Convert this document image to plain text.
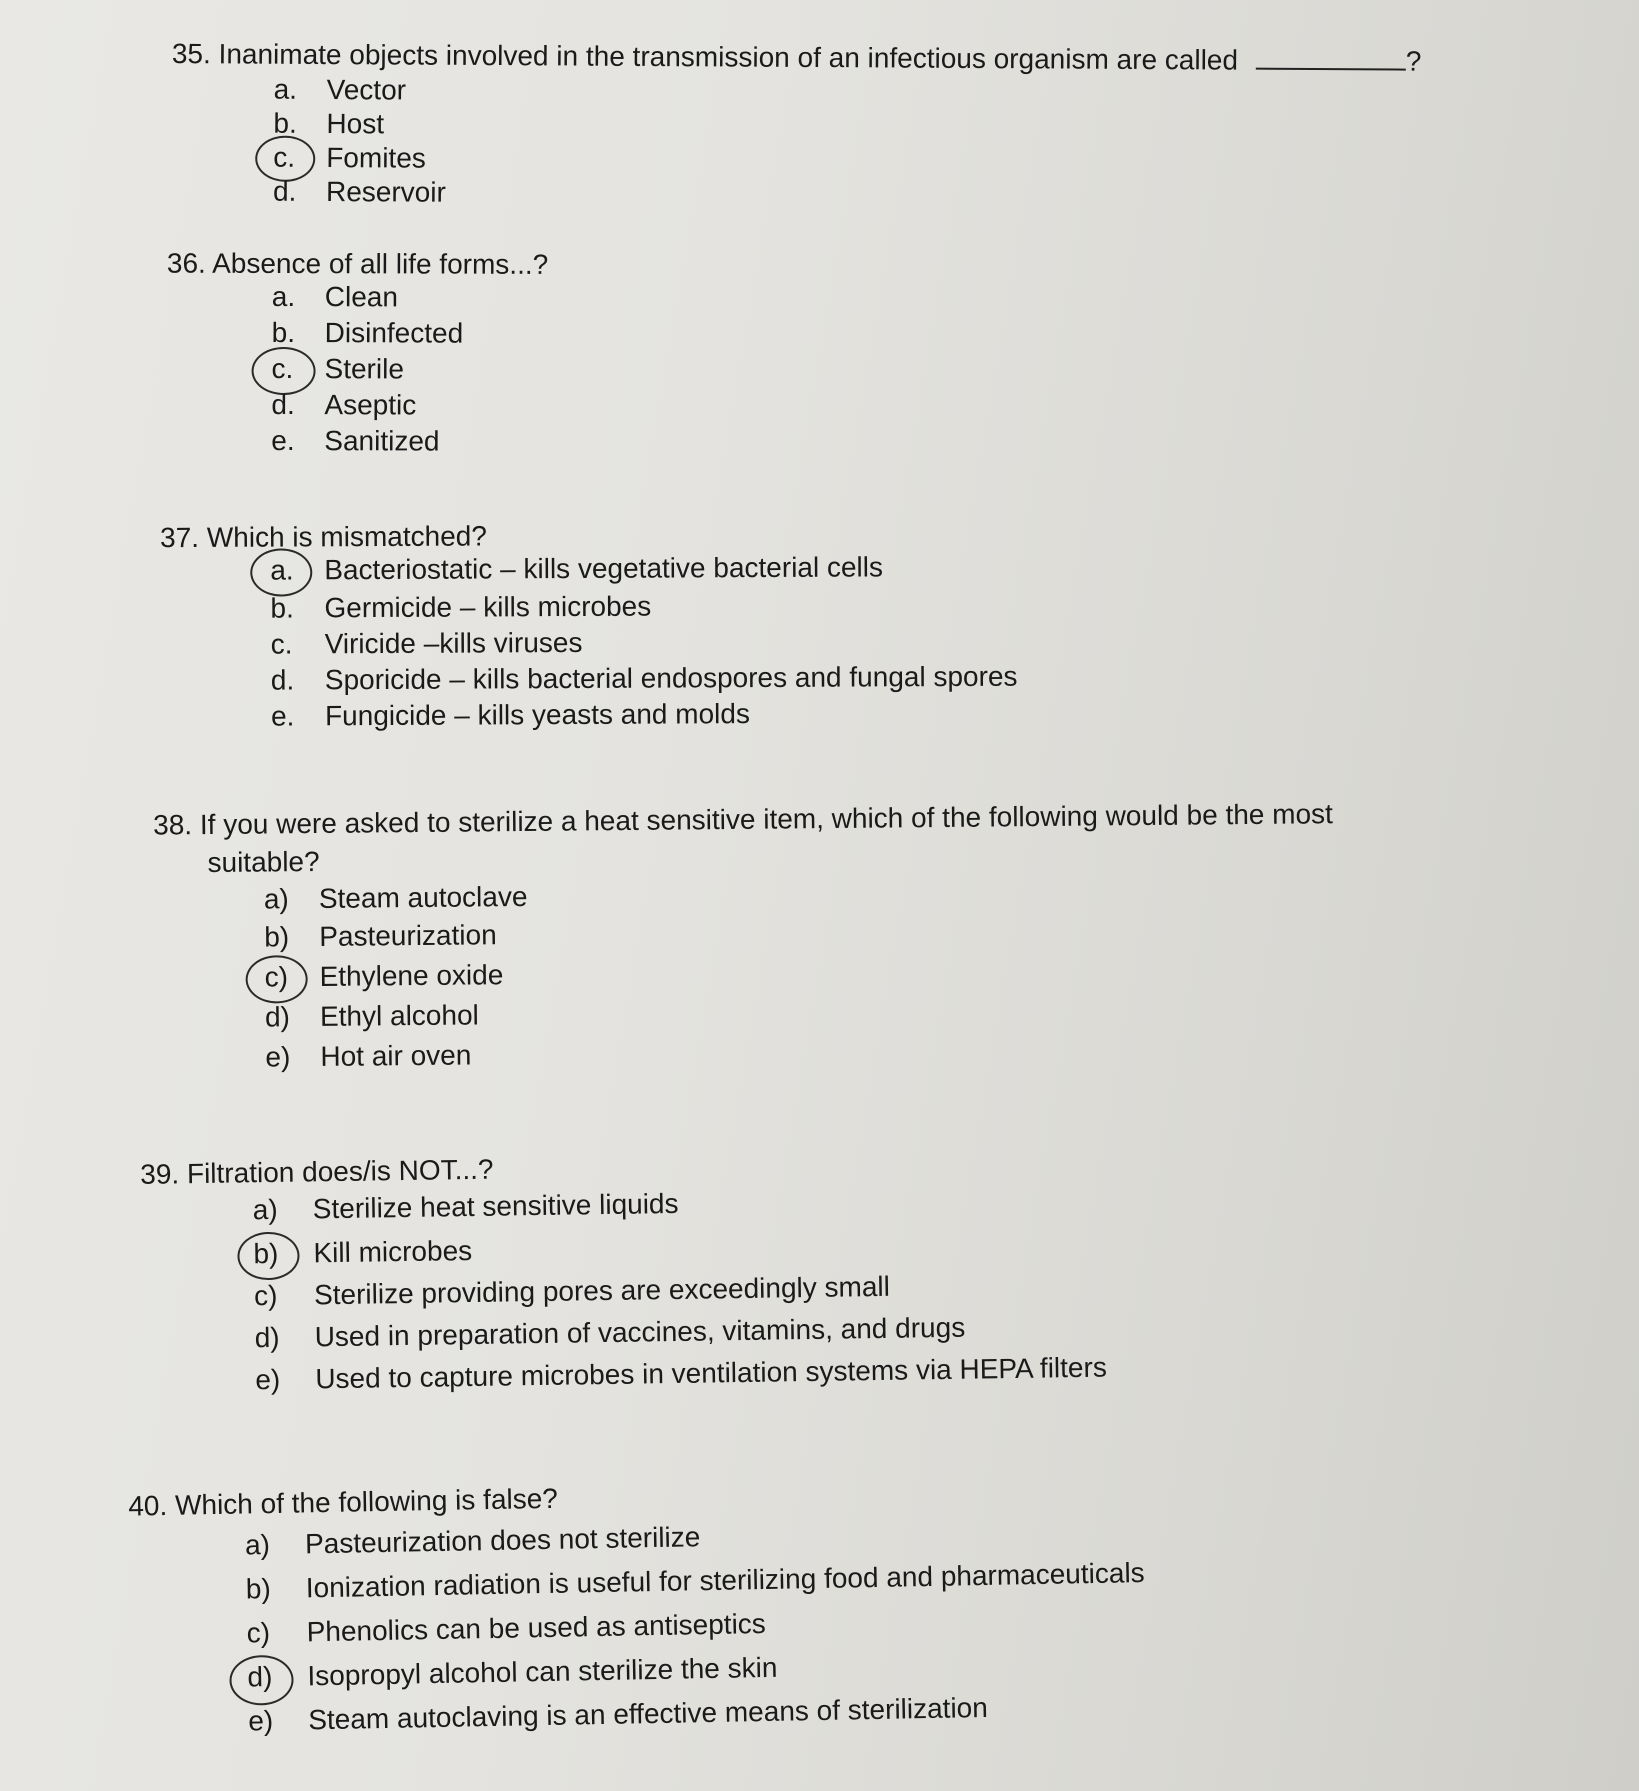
35. Inanimate objects involved in the transmission of an infectious organism are called	?
a. Vector
b. Host
c. Fomites
d. Reservoir
36. Absence of all life forms...?
a. Clean
b. Disinfected
c. Sterile
d. Aseptic
e. Sanitized
37. Which is mismatched?
a. Bacteriostatic – kills vegetative bacterial cells
b. Germicide – kills microbes
c. Viricide –kills viruses
d. Sporicide – kills bacterial endospores and fungal spores
e. Fungicide – kills yeasts and molds
38. If you were asked to sterilize a heat sensitive item, which of the following would be the most
suitable?
a) Steam autoclave
b) Pasteurization
c) Ethylene oxide
d) Ethyl alcohol
e) Hot air oven
39. Filtration does/is NOT...?
a) Sterilize heat sensitive liquids
b) Kill microbes
c) Sterilize providing pores are exceedingly small
d) Used in preparation of vaccines, vitamins, and drugs
e) Used to capture microbes in ventilation systems via HEPA filters
40. Which of the following is false?
a) Pasteurization does not sterilize
b) Ionization radiation is useful for sterilizing food and pharmaceuticals
c) Phenolics can be used as antiseptics
d) Isopropyl alcohol can sterilize the skin
e) Steam autoclaving is an effective means of sterilization
